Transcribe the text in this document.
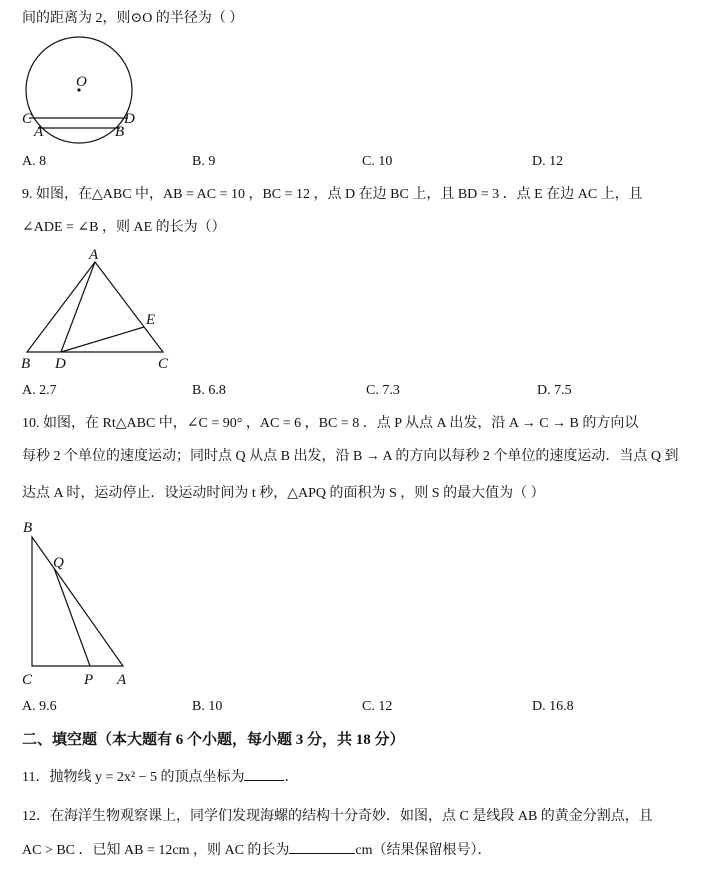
间的距离为 2，则⊙O 的半径为（ ）
O
C	D
A	B
A. 8	B. 9	C. 10	D. 12
9. 如图，在△ABC 中，AB = AC = 10 ，BC = 12 ，点 D 在边 BC 上，且 BD = 3 ．点 E 在边 AC 上，且
∠ADE = ∠B ，则 AE 的长为（）
A
B	C
D
E
A. 2.7	B. 6.8	C. 7.3	D. 7.5
10. 如图，在 Rt△ABC 中，∠C = 90° ，AC = 6 ，BC = 8 ．点 P 从点 A 出发，沿 A → C → B 的方向以
每秒 2 个单位的速度运动；同时点 Q 从点 B 出发，沿 B → A 的方向以每秒 2 个单位的速度运动．当点 Q 到
达点 A 时，运动停止．设运动时间为 t 秒，△APQ 的面积为 S ，则 S 的最大值为（ ）
B
Q
C	P A
A. 9.6	B. 10	C. 12	D. 16.8
二、填空题（本大题有 6 个小题，每小题 3 分，共 18 分）
11．抛物线 y = 2x² − 5 的顶点坐标为	．
12．在海洋生物观察课上，同学们发现海螺的结构十分奇妙．如图，点 C 是线段 AB 的黄金分割点，且
AC > BC ．已知 AB = 12cm ，则 AC 的长为	cm（结果保留根号）．
